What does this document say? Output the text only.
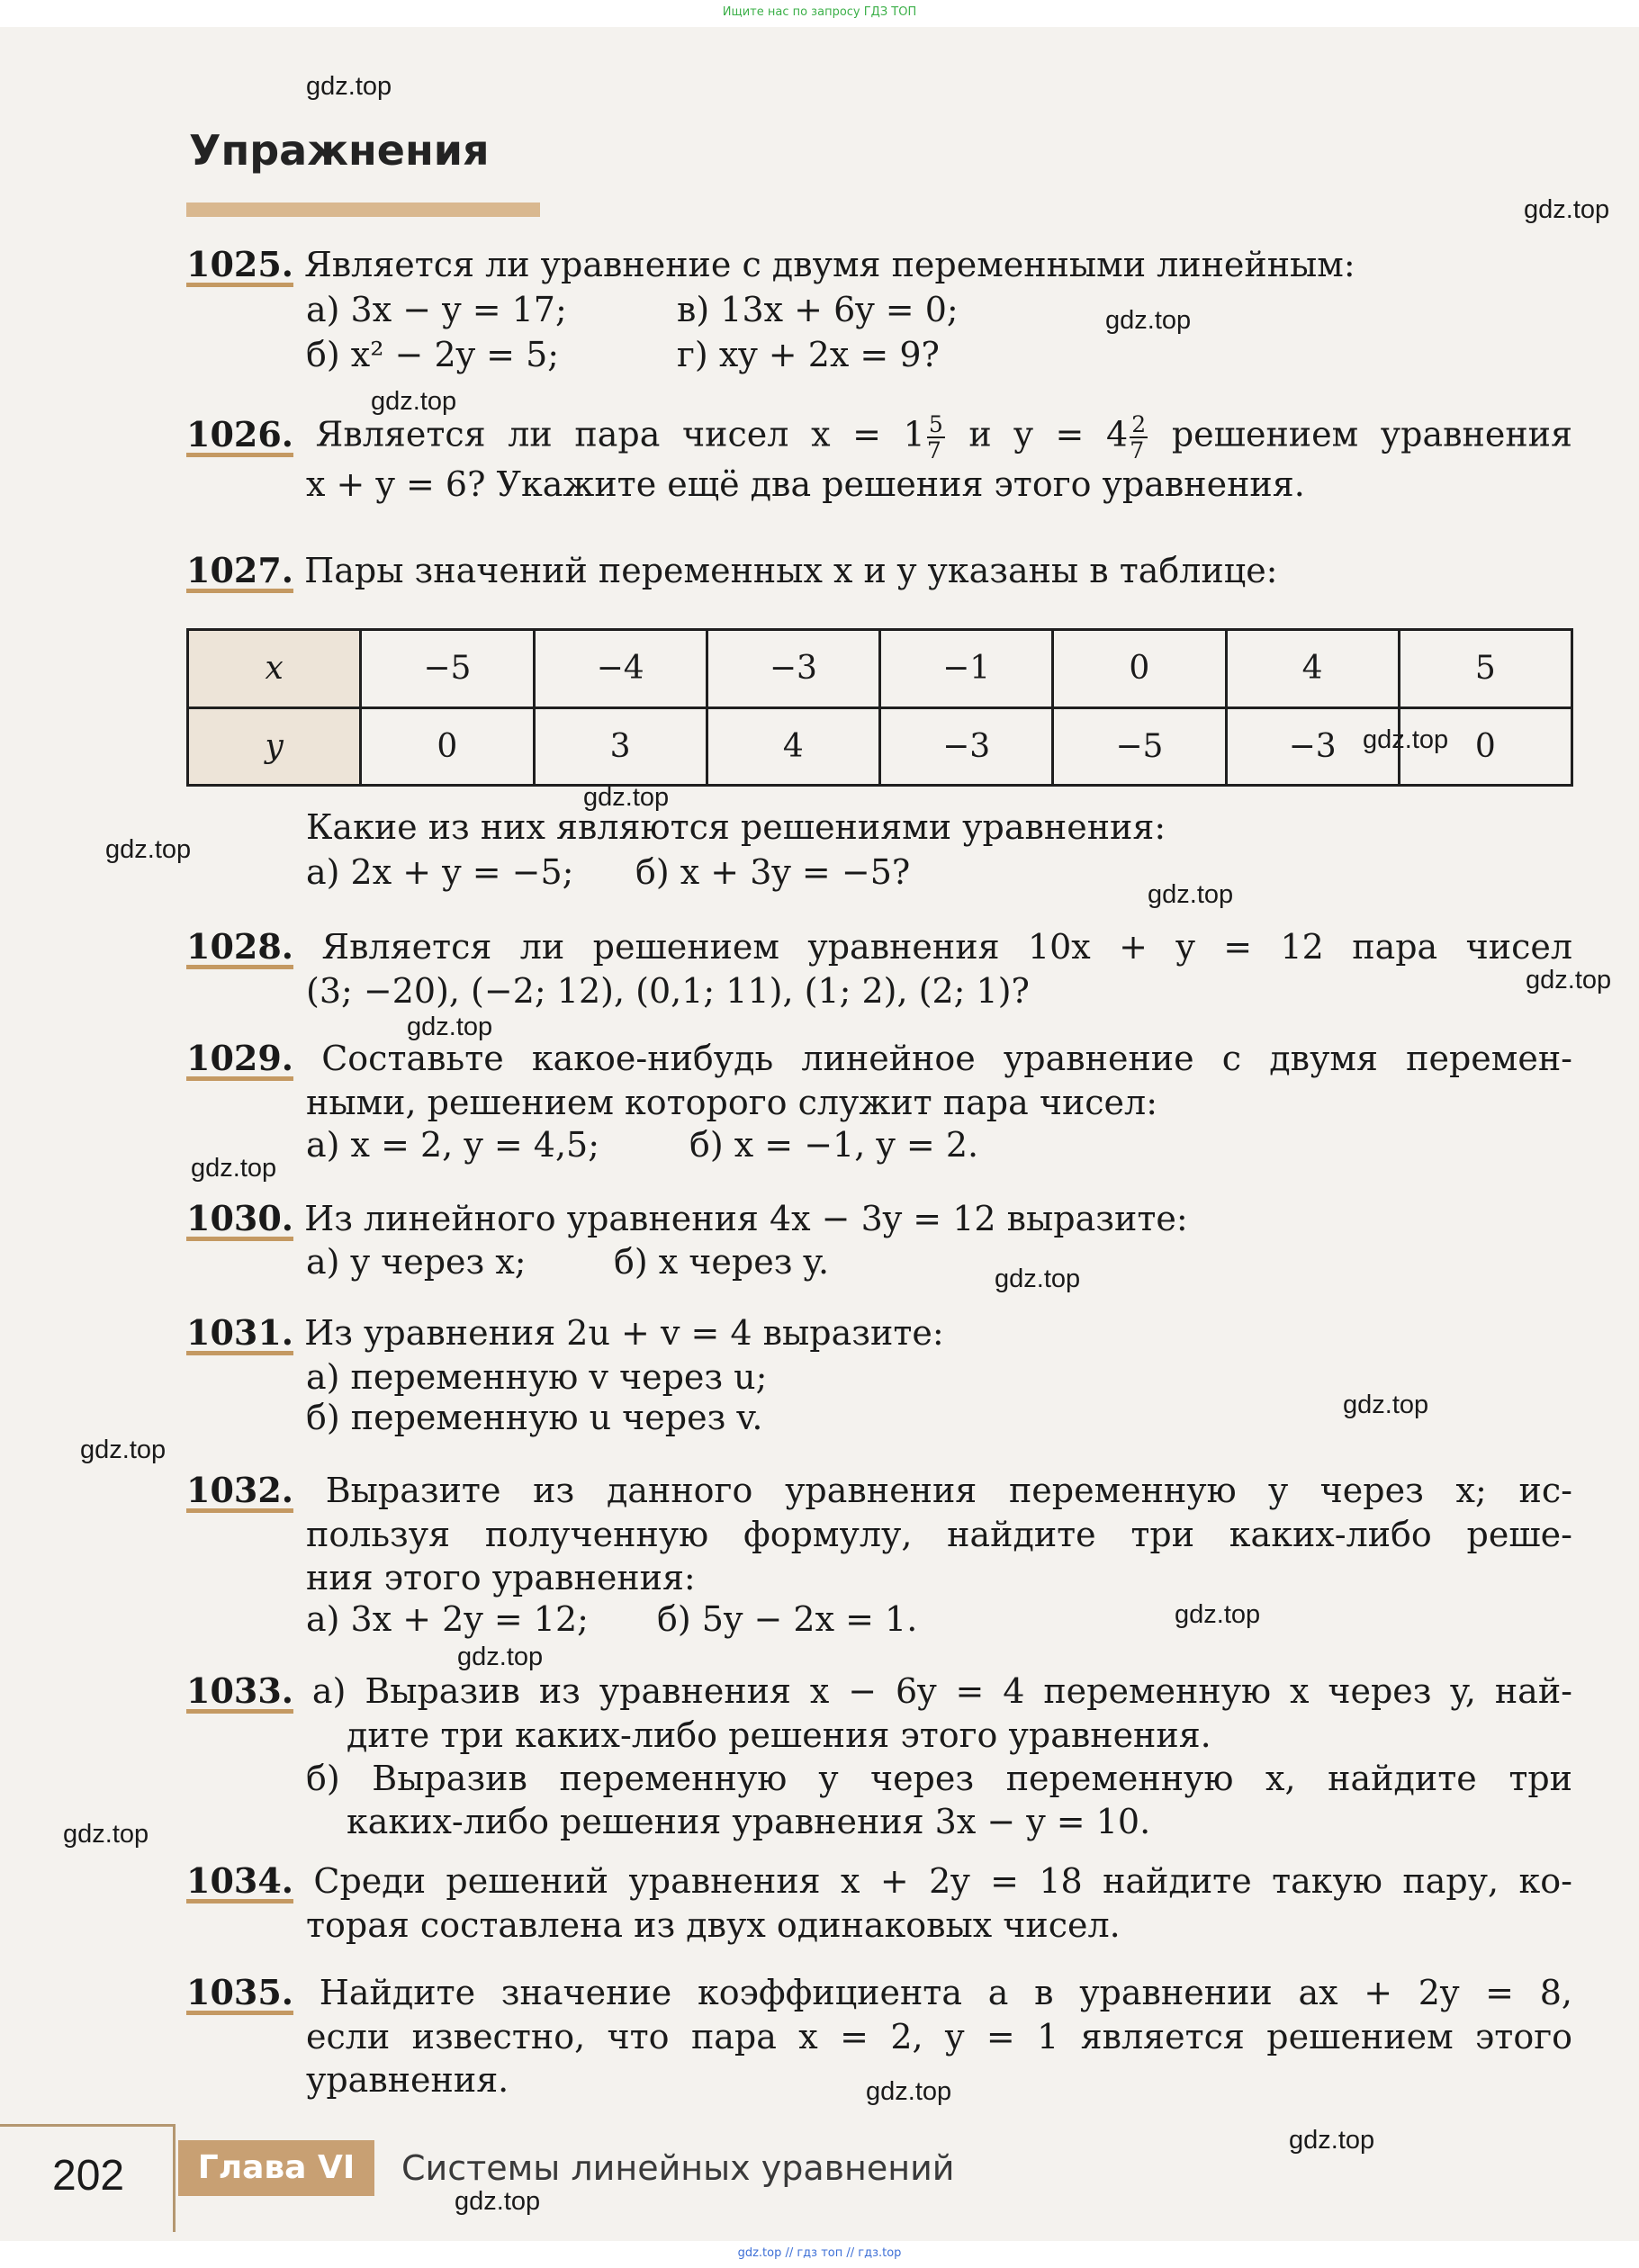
Ищите нас по запросу ГДЗ ТОП
gdz.top
gdz.top
gdz.top
gdz.top
gdz.top
gdz.top
gdz.top
gdz.top
gdz.top
gdz.top
gdz.top
gdz.top
gdz.top
gdz.top
gdz.top
gdz.top
gdz.top
gdz.top
gdz.top
gdz.top
Упражнения
1025. Является ли уравнение с двумя переменными линейным:
а) 3x − y = 17;
б) x² − 2y = 5;
в) 13x + 6y = 0;
г) xy + 2x = 9?
1026. Является ли пара чисел $x = 1 \frac{5}{7}$ и $y = 4 \frac{2}{7}$ решением уравнения
x + y = 6? Укажите ещё два решения этого уравнения.
1027. Пары значений переменных x и y указаны в таблице:
x	−5	−4	−3	−1	0	4	5
y	0	3	4	−3	−5	−3	0
Какие из них являются решениями уравнения:
а) 2x + y = −5; б) x + 3y = −5?
1028. Является ли решением уравнения 10x + y = 12 пара чисел
(3; −20), (−2; 12), (0,1; 11), (1; 2), (2; 1)?
1029. Составьте какое-нибудь линейное уравнение с двумя перемен-
ными, решением которого служит пара чисел:
а) x = 2, y = 4,5;	б) x = −1, y = 2.
1030. Из линейного уравнения 4x − 3y = 12 выразите:
а) y через x;	б) x через y.
1031. Из уравнения 2u + v = 4 выразите:
а) переменную v через u;
б) переменную u через v.
1032. Выразите из данного уравнения переменную y через x; ис-
пользуя полученную формулу, найдите три каких-либо реше-
ния этого уравнения:
а) 3x + 2y = 12; б) 5y − 2x = 1.
1033. а) Выразив из уравнения x − 6y = 4 переменную x через y, най-
дите три каких-либо решения этого уравнения.
б) Выразив переменную y через переменную x, найдите три
каких-либо решения уравнения 3x − y = 10.
1034. Среди решений уравнения x + 2y = 18 найдите такую пару, ко-
торая составлена из двух одинаковых чисел.
1035. Найдите значение коэффициента a в уравнении ax + 2y = 8,
если известно, что пара x = 2, y = 1 является решением этого
уравнения.
202	Глава VI	Системы линейных уравнений
gdz.top // гдз топ // гдз.top
